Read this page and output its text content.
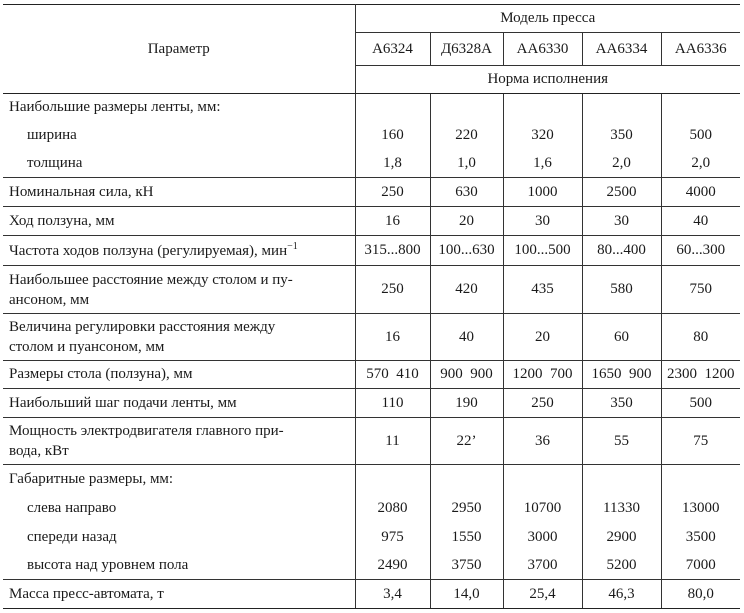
Параметр	Модель пресса				
	А6324	Д6328А	АА6330	АА6334	АА6336
	Норма исполнения				
Наибольшие размеры ленты, мм:					
ширина	160	220	320	350	500
толщина	1,8	1,0	1,6	2,0	2,0
Номинальная сила, кН	250	630	1000	2500	4000
Ход ползуна, мм	16	20	30	30	40
Частота ходов ползуна (регулируемая), мин$^{-1}$	315...800	100...630	100...500	80...400	60...300
Наибольшее расстояние между столом и пу-
ансоном, мм	250	420	435	580	750
Величина регулировки расстояния между
столом и пуансоном, мм	16	40	20	60	80
Размеры стола (ползуна), мм	570  410	900  900	1200  700	1650  900	2300  1200
Наибольший шаг подачи ленты, мм	110	190	250	350	500
Мощность электродвигателя главного при-
вода, кВт	11	22’	36	55	75
Габаритные размеры, мм:					
слева направо	2080	2950	10700	11330	13000
спереди назад	975	1550	3000	2900	3500
высота над уровнем пола	2490	3750	3700	5200	7000
Масса пресс-автомата, т	3,4	14,0	25,4	46,3	80,0
